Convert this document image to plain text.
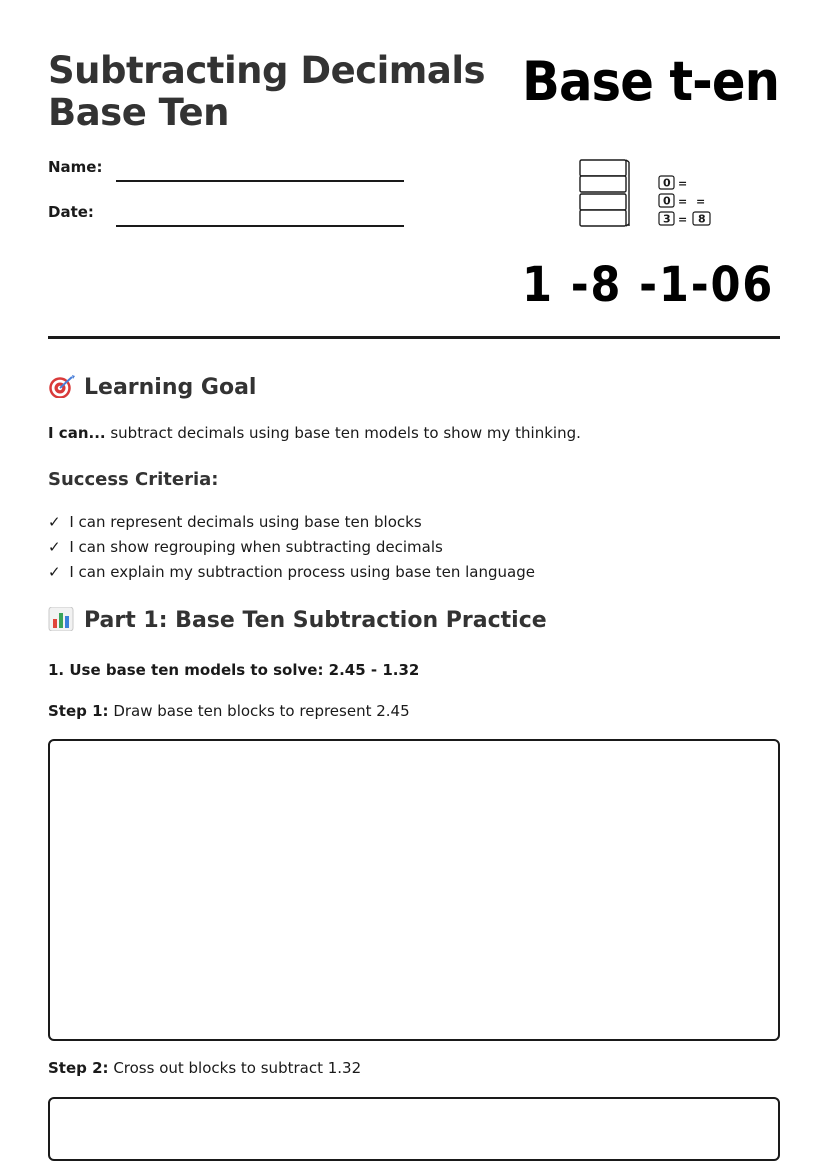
Subtracting Decimals
Base Ten
Name:
Date:
Base t-en
0 =
0 = =
3 = 8
1 -8 -1-06
Learning Goal
I can... subtract decimals using base ten models to show my thinking.
Success Criteria:
✓ I can represent decimals using base ten blocks
✓ I can show regrouping when subtracting decimals
✓ I can explain my subtraction process using base ten language
Part 1: Base Ten Subtraction Practice
1. Use base ten models to solve: 2.45 - 1.32
Step 1: Draw base ten blocks to represent 2.45
Step 2: Cross out blocks to subtract 1.32
